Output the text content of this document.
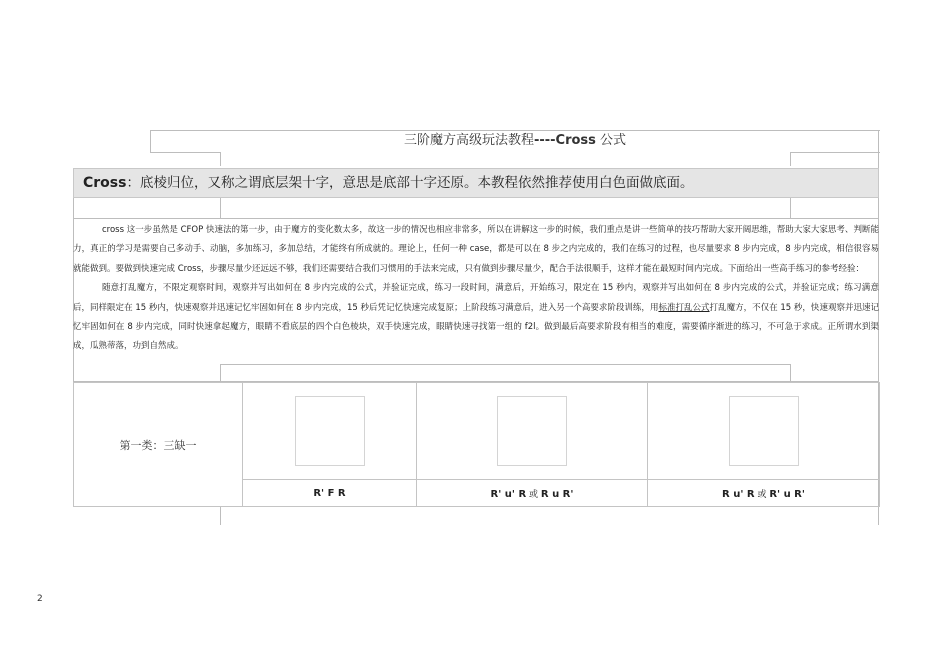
三阶魔方高级玩法教程----Cross 公式
Cross：底棱归位，又称之谓底层架十字，意思是底部十字还原。本教程依然推荐使用白色面做底面。

cross 这一步虽然是 CFOP 快速法的第一步，由于魔方的变化数太多，故这一步的情况也相应非常多，所以在讲解这一步的时候，我们重点是讲一些简单的技巧帮助大家开阔思维，帮助大家大家思考、判断能力，真正的学习是需要自己多动手、动脑，多加练习，多加总结，才能终有所成就的。理论上，任何一种 case，都是可以在 8 步之内完成的，我们在练习的过程，也尽量要求 8 步内完成，8 步内完成，相信很容易就能做到。要做到快速完成 Cross，步骤尽量少还远远不够，我们还需要结合我们习惯用的手法来完成，只有做到步骤尽量少，配合手法很顺手，这样才能在最短时间内完成。下面给出一些高手练习的参考经验：

随意打乱魔方，不限定观察时间，观察并写出如何在 8 步内完成的公式，并验证完成，练习一段时间，满意后，开始练习，限定在 15 秒内，观察并写出如何在 8 步内完成的公式，并验证完成；练习满意后，同样限定在 15 秒内，快速观察并迅速记忆牢固如何在 8 步内完成，15 秒后凭记忆快速完成复原；上阶段练习满意后，进入另一个高要求阶段训练，用标准打乱公式打乱魔方，不仅在 15 秒，快速观察并迅速记忆牢固如何在 8 步内完成，同时快速拿起魔方，眼睛不看底层的四个白色棱块，双手快速完成，眼睛快速寻找第一组的 f2l。做到最后高要求阶段有相当的难度，需要循序渐进的练习，不可急于求成。正所谓水到渠成，瓜熟蒂落，功到自然成。

第一类：三缺一	

	R' F R	R' u' R 或 R u R'	R u' R 或 R' u R'
2
